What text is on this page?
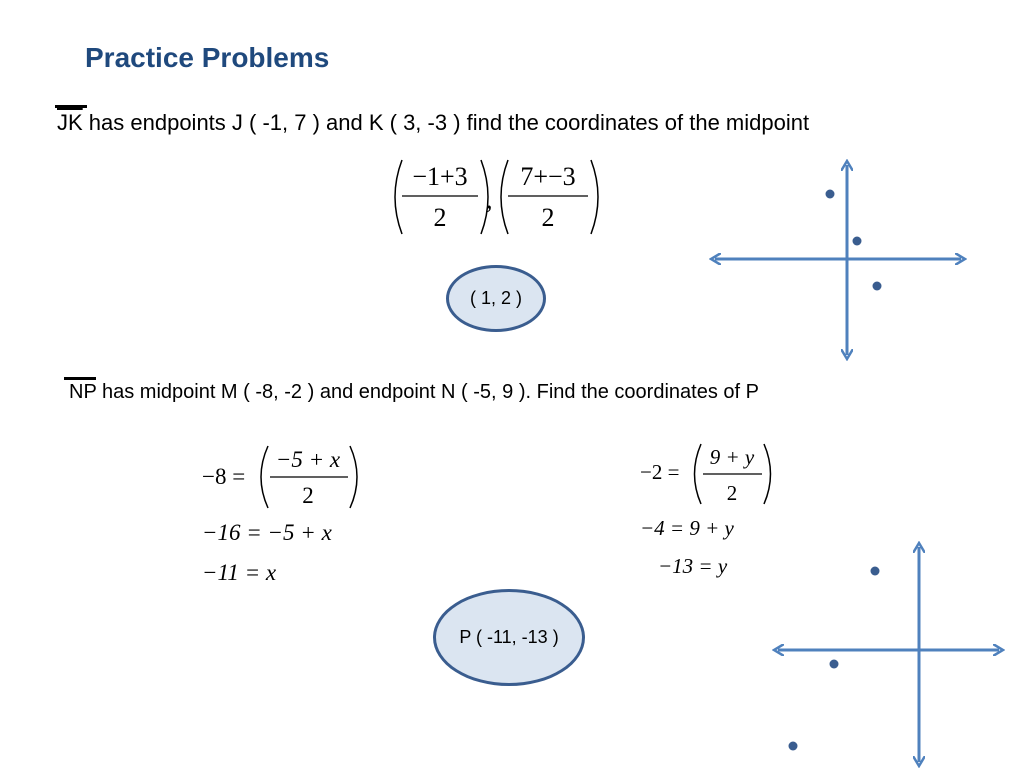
Practice Problems
$\overline{JK}$ has endpoints J ( -1, 7 ) and K ( 3, -3 ) find the coordinates of the midpoint
−1+3
2
,
7+−3
2
−8 =
−5 + x
2
−16 = −5 + x
−11 = x
−2 =
9 + y
2
−4 = 9 + y
−13 = y
( 1, 2 )
NP has midpoint M ( -8, -2 ) and endpoint N ( -5, 9 ). Find the coordinates of P
P ( -11, -13 )
